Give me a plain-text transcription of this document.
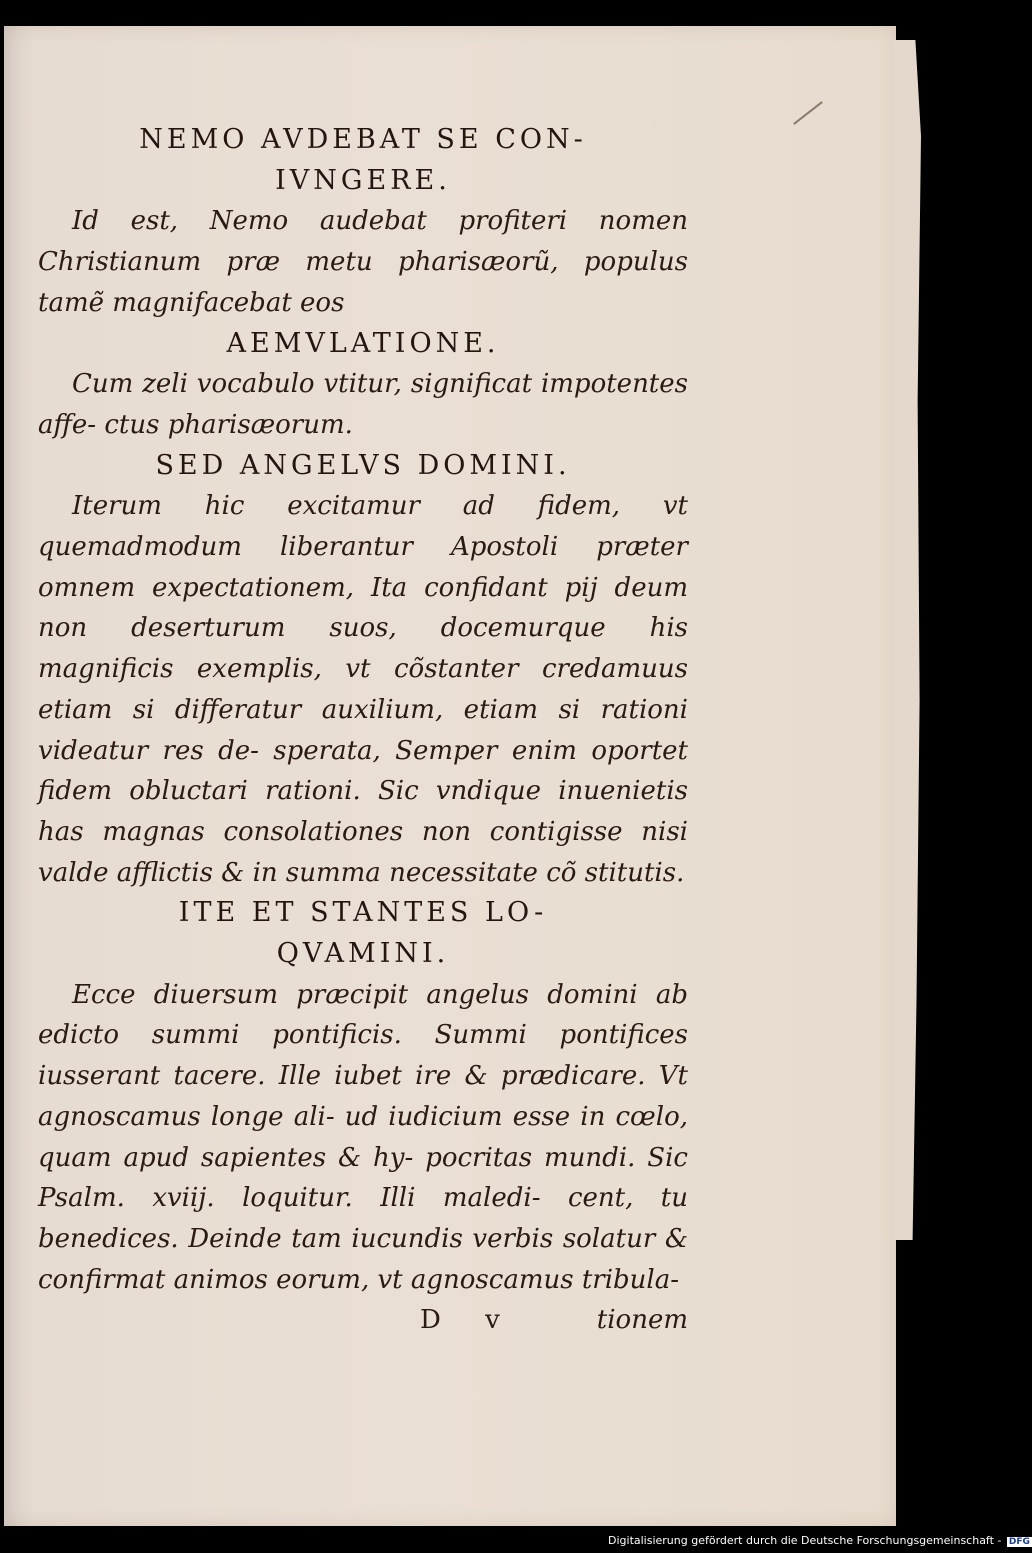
NEMO AVDEBAT SE CON-
IVNGERE.

Id est, Nemo audebat profiteri nomen Christianum præ metu pharisæorũ, populus tamẽ magnifacebat eos

AEMVLATIONE.

Cum zeli vocabulo vtitur, significat impotentes affe- ctus pharisæorum.

SED ANGELVS DOMINI.

Iterum hic excitamur ad fidem, vt quemadmodum liberantur Apostoli præter omnem expectationem, Ita confidant pij deum non deserturum suos, docemurque his magnificis exemplis, vt cõstanter credamuus etiam si differatur auxilium, etiam si rationi videatur res de- sperata, Semper enim oportet fidem obluctari rationi. Sic vndique inuenietis has magnas consolationes non contigisse nisi valde afflictis & in summa necessitate cõ stitutis.

ITE ET STANTES LO-
QVAMINI.

Ecce diuersum præcipit angelus domini ab edicto summi pontificis. Summi pontifices iusserant tacere. Ille iubet ire & prædicare. Vt agnoscamus longe ali- ud iudicium esse in cœlo, quam apud sapientes & hy- pocritas mundi. Sic Psalm. xviij. loquitur. Illi maledi- cent, tu benedices. Deinde tam iucundis verbis solatur & confirmat animos eorum, vt agnoscamus tribula-

D v	tionem
Digitalisierung gefördert durch die Deutsche Forschungsgemeinschaft - DFG
